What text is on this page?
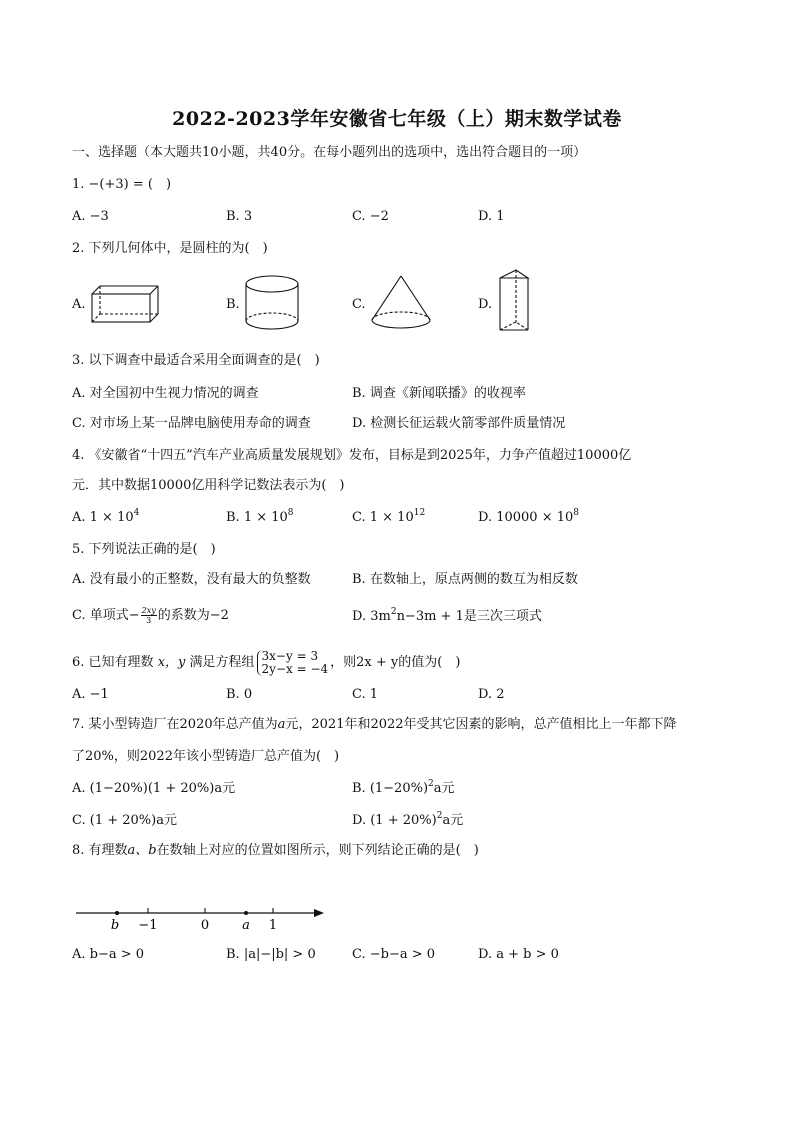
2022-2023学年安徽省七年级（上）期末数学试卷
一、选择题（本大题共10小题，共40分。在每小题列出的选项中，选出符合题目的一项）
1. −(+3) = (　)
A. −3	B. 3	C. −2	D. 1
2. 下列几何体中，是圆柱的为(　)
A.	B.	C.	D.
3. 以下调查中最适合采用全面调查的是(　)
A. 对全国初中生视力情况的调查	B. 调查《新闻联播》的收视率
C. 对市场上某一品牌电脑使用寿命的调查	D. 检测长征运载火箭零部件质量情况
4. 《安徽省“十四五”汽车产业高质量发展规划》发布，目标是到2025年，力争产值超过10000亿
元．其中数据10000亿用科学记数法表示为(　)
A. $1 \times 10^4$	B. $1 \times 10^8$	C. $1 \times 10^{12}$	D. $10000 \times 10^8$
5. 下列说法正确的是(　)
A. 没有最小的正整数，没有最大的负整数	B. 在数轴上，原点两侧的数互为相反数
C. 单项式− $\frac{2xy}{3}$ 的系数为−2	D. $3m^2n-3m + 1$是三次三项式
6. 已知有理数 x，y 满足方程组 3x−y = 3
2y−x = −4 ，则2x + y的值为(　)
A. −1	B. 0	C. 1	D. 2
7. 某小型铸造厂在2020年总产值为a元，2021年和2022年受其它因素的影响，总产值相比上一年都下降
了20%，则2022年该小型铸造厂总产值为(　)
A. (1−20%)(1 + 20%)a元	B. $(1-20\%)^2a$元
C. (1 + 20%)a元	D. $(1 + 20\%)^2a$元
8. 有理数a、b在数轴上对应的位置如图所示，则下列结论正确的是(　)
b −1	0	a 1
A. b−a > 0	B. |a|−|b| > 0	C. −b−a > 0	D. a + b > 0
